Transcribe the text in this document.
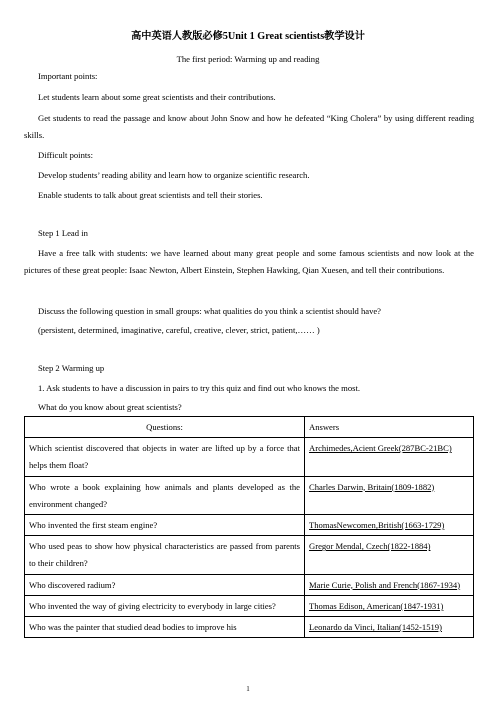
高中英语人教版必修5Unit 1 Great scientists教学设计
The first period: Warming up and reading

Important points:

Let students learn about some great scientists and their contributions.

Get students to read the passage and know about John Snow and how he defeated “King Cholera” by using different reading skills.

Difficult points:

Develop students’ reading ability and learn how to organize scientific research.

Enable students to talk about great scientists and tell their stories.

Step 1 Lead in

Have a free talk with students: we have learned about many great people and some famous scientists and now look at the pictures of these great people: Isaac Newton, Albert Einstein, Stephen Hawking, Qian Xuesen, and tell their contributions.

Discuss the following question in small groups: what qualities do you think a scientist should have?

(persistent, determined, imaginative, careful, creative, clever, strict, patient,…… )

Step 2 Warming up

1. Ask students to have a discussion in pairs to try this quiz and find out who knows the most.

What do you know about great scientists?

Questions:	Answers
Which scientist discovered that objects in water are lifted up by a force that helps them float?	Archimedes,Acient Greek(287BC-21BC)
Who wrote a book explaining how animals and plants developed as the environment changed?	Charles Darwin, Britain(1809-1882)
Who invented the first steam engine?	ThomasNewcomen,British(1663-1729)
Who used peas to show how physical characteristics are passed from parents to their children?	Gregor Mendal, Czech(1822-1884)
Who discovered radium?	Marie Curie, Polish and French(1867-1934)
Who invented the way of giving electricity to everybody in large cities?	Thomas Edison, American(1847-1931)
Who was the painter that studied dead bodies to improve his	Leonardo da Vinci, Italian(1452-1519)
1
